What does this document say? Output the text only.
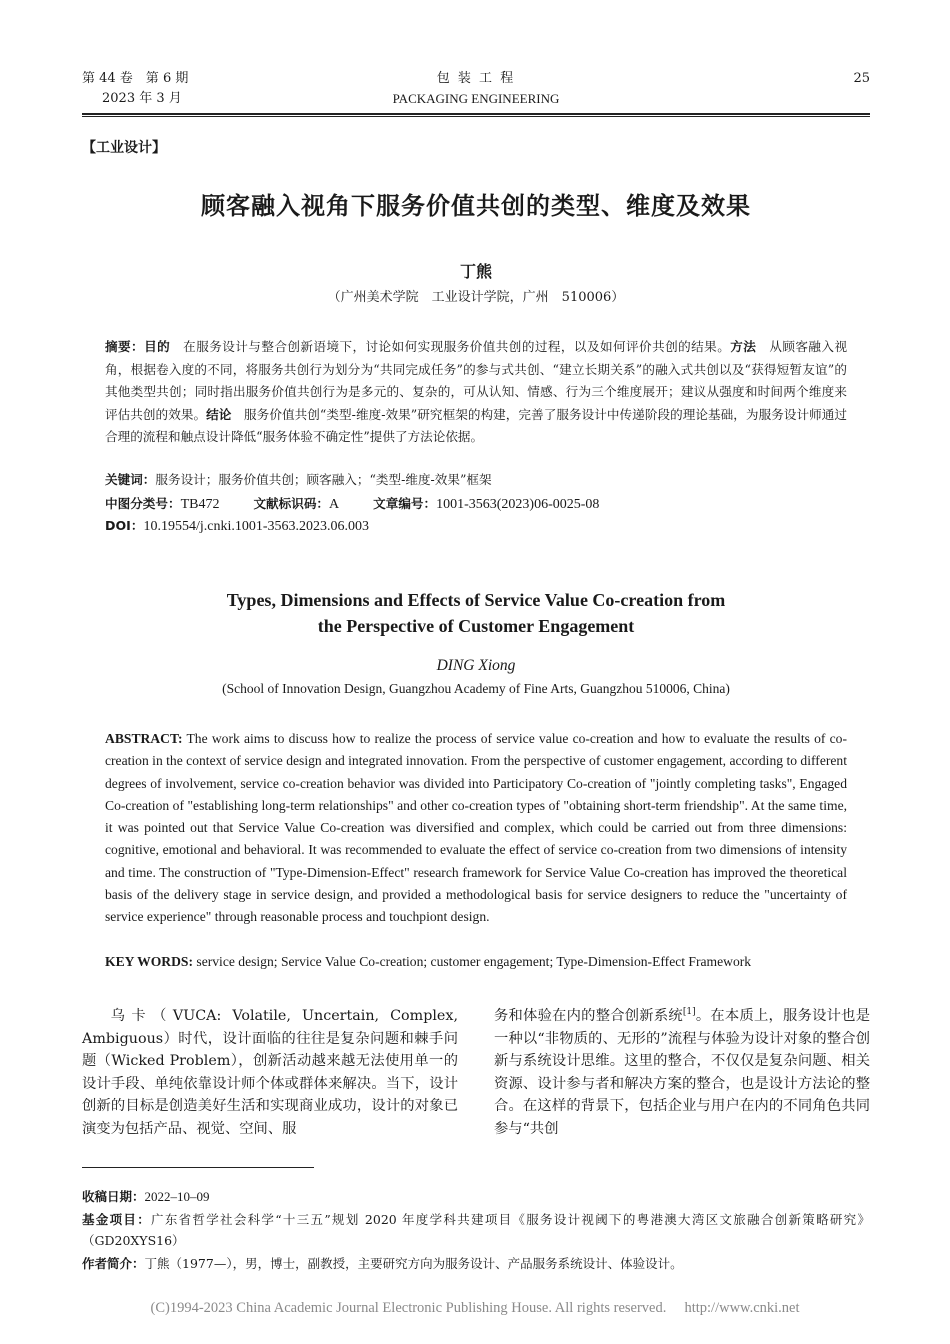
第 44 卷　第 6 期	包 装 工 程	25
2023 年 3 月	PACKAGING ENGINEERING
【工业设计】
顾客融入视角下服务价值共创的类型、维度及效果
丁熊
（广州美术学院　工业设计学院，广州　510006）
摘要：目的　在服务设计与整合创新语境下，讨论如何实现服务价值共创的过程，以及如何评价共创的结果。方法　从顾客融入视角，根据卷入度的不同，将服务共创行为划分为“共同完成任务”的参与式共创、“建立长期关系”的融入式共创以及“获得短暂友谊”的其他类型共创；同时指出服务价值共创行为是多元的、复杂的，可从认知、情感、行为三个维度展开；建议从强度和时间两个维度来评估共创的效果。结论　服务价值共创“类型-维度-效果”研究框架的构建，完善了服务设计中传递阶段的理论基础，为服务设计师通过合理的流程和触点设计降低“服务体验不确定性”提供了方法论依据。
关键词：服务设计；服务价值共创；顾客融入；“类型-维度-效果”框架
中图分类号：TB472	文献标识码：A	文章编号：1001-3563(2023)06-0025-08
DOI：10.19554/j.cnki.1001-3563.2023.06.003
Types, Dimensions and Effects of Service Value Co-creation from
the Perspective of Customer Engagement
DING Xiong
(School of Innovation Design, Guangzhou Academy of Fine Arts, Guangzhou 510006, China)
ABSTRACT: The work aims to discuss how to realize the process of service value co-creation and how to evaluate the results of co-creation in the context of service design and integrated innovation. From the perspective of customer engagement, according to different degrees of involvement, service co-creation behavior was divided into Participatory Co-creation of "jointly completing tasks", Engaged Co-creation of "establishing long-term relationships" and other co-creation types of "obtaining short-term friendship". At the same time, it was pointed out that Service Value Co-creation was diversified and complex, which could be carried out from three dimensions: cognitive, emotional and behavioral. It was recommended to evaluate the effect of service co-creation from two dimensions of intensity and time. The construction of "Type-Dimension-Effect" research framework for Service Value Co-creation has improved the theoretical basis of the delivery stage in service design, and provided a methodological basis for service designers to reduce the "uncertainty of service experience" through reasonable process and touchpiont design.
KEY WORDS: service design; Service Value Co-creation; customer engagement; Type-Dimension-Effect Framework
乌卡（VUCA: Volatile, Uncertain, Complex, Ambiguous）时代，设计面临的往往是复杂问题和棘手问题（Wicked Problem），创新活动越来越无法使用单一的设计手段、单纯依靠设计师个体或群体来解决。当下，设计创新的目标是创造美好生活和实现商业成功，设计的对象已演变为包括产品、视觉、空间、服
务和体验在内的整合创新系统[1]。在本质上，服务设计也是一种以“非物质的、无形的”流程与体验为设计对象的整合创新与系统设计思维。这里的整合，不仅仅是复杂问题、相关资源、设计参与者和解决方案的整合，也是设计方法论的整合。在这样的背景下，包括企业与用户在内的不同角色共同参与“共创
收稿日期：2022–10–09
基金项目：广东省哲学社会科学“十三五”规划 2020 年度学科共建项目《服务设计视阈下的粤港澳大湾区文旅融合创新策略研究》（GD20XYS16）
作者简介：丁熊（1977—），男，博士，副教授，主要研究方向为服务设计、产品服务系统设计、体验设计。
(C)1994-2023 China Academic Journal Electronic Publishing House. All rights reserved.　 http://www.cnki.net
